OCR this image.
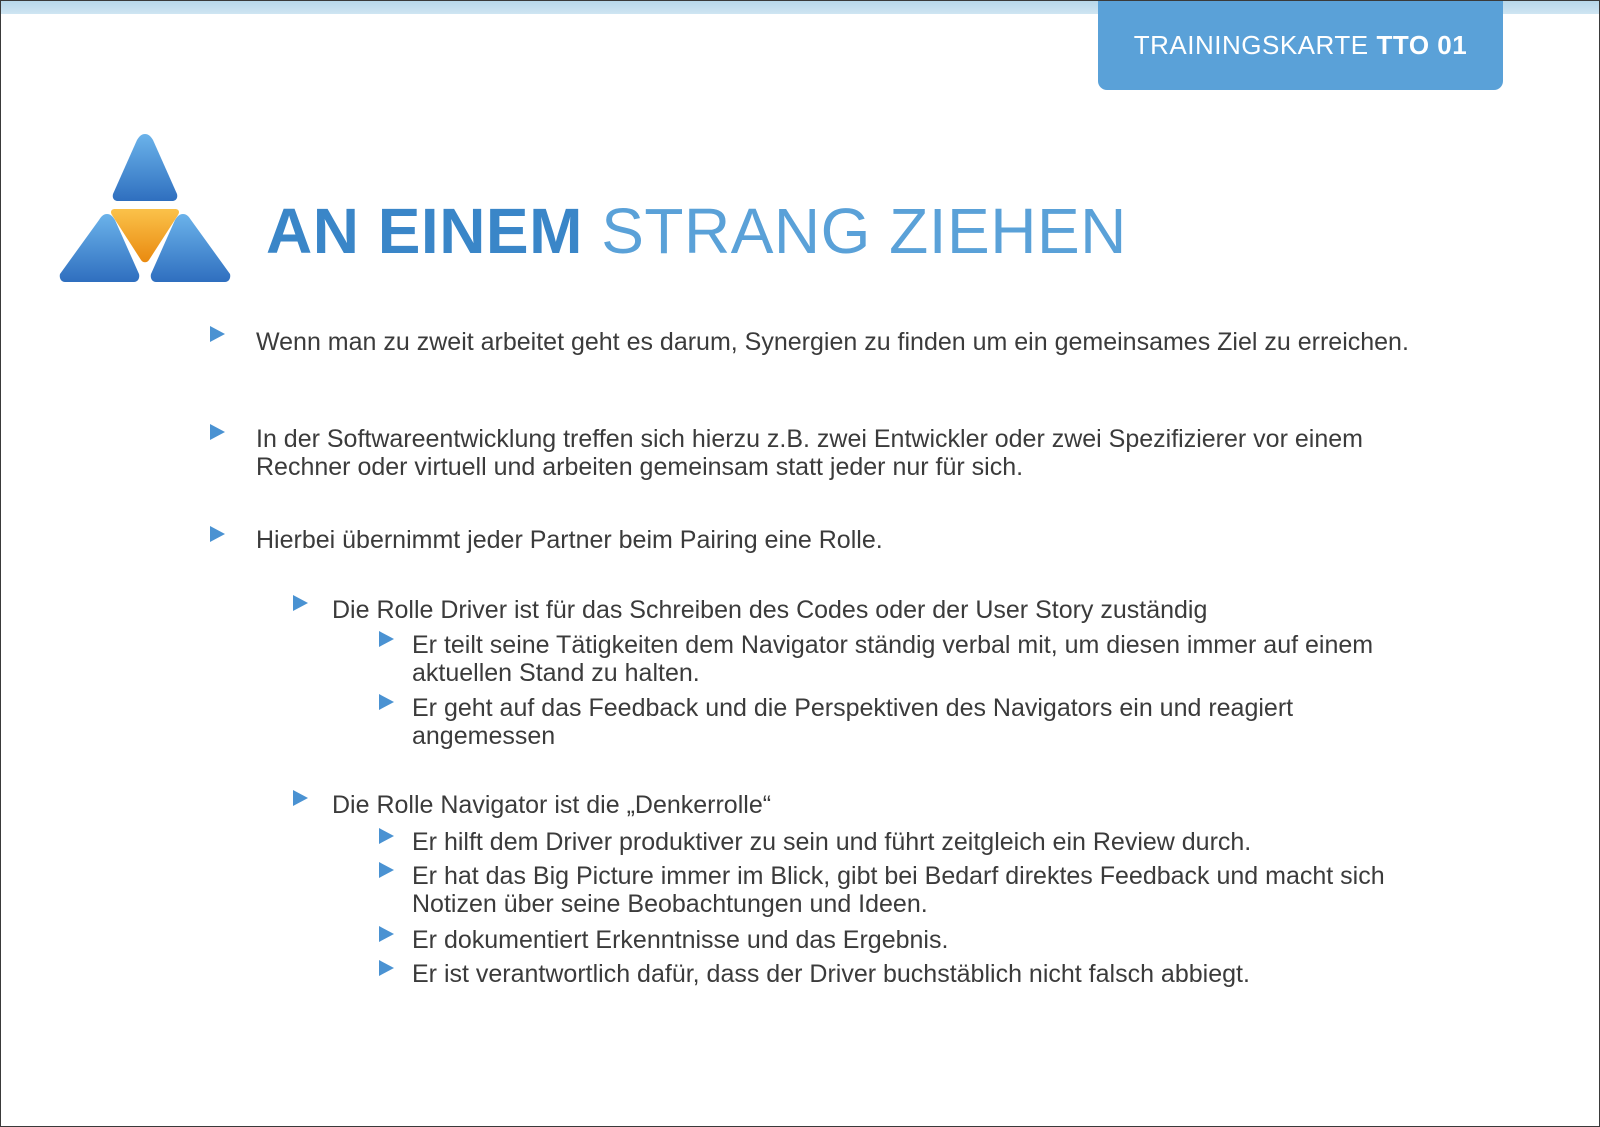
TRAININGSKARTE TTO 01
AN EINEM STRANG ZIEHEN
Wenn man zu zweit arbeitet geht es darum, Synergien zu finden um ein gemeinsames Ziel zu erreichen.
In der Softwareentwicklung treffen sich hierzu z.B. zwei Entwickler oder zwei Spezifizierer vor einem Rechner oder virtuell und arbeiten gemeinsam statt jeder nur für sich.
Hierbei übernimmt jeder Partner beim Pairing eine Rolle.
Die Rolle Driver ist für das Schreiben des Codes oder der User Story zuständig
Er teilt seine Tätigkeiten dem Navigator ständig verbal mit, um diesen immer auf einem aktuellen Stand zu halten.
Er geht auf das Feedback und die Perspektiven des Navigators ein und reagiert angemessen
Die Rolle Navigator ist die „Denkerrolle“
Er hilft dem Driver produktiver zu sein und führt zeitgleich ein Review durch.
Er hat das Big Picture immer im Blick, gibt bei Bedarf direktes Feedback und macht sich Notizen über seine Beobachtungen und Ideen.
Er dokumentiert Erkenntnisse und das Ergebnis.
Er ist verantwortlich dafür, dass der Driver buchstäblich nicht falsch abbiegt.
